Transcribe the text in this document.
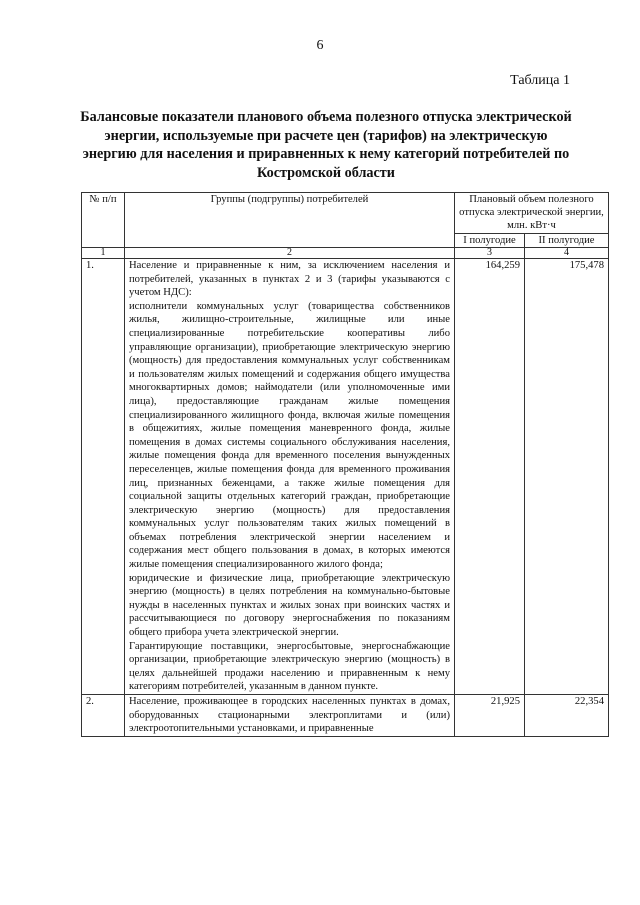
6
Таблица 1
Балансовые показатели планового объема полезного отпуска электрической энергии, используемые при расчете цен (тарифов) на электрическую энергию для населения и приравненных к нему категорий потребителей по Костромской области
№ п/п	Группы (подгруппы) потребителей	Плановый объем полезного отпуска электрической энергии, млн. кВт·ч	
		I полугодие	II полугодие
1	2	3	4
1.	Население и приравненные к ним, за исключением населения и потребителей, указанных в пунктах 2 и 3 (тарифы указываются с учетом НДС):

исполнители коммунальных услуг (товарищества собственников жилья, жилищно-строительные, жилищные или иные специализированные потребительские кооперативы либо управляющие организации), приобретающие электрическую энергию (мощность) для предоставления коммунальных услуг собственникам и пользователям жилых помещений и содержания общего имущества многоквартирных домов; наймодатели (или уполномоченные ими лица), предоставляющие гражданам жилые помещения специализированного жилищного фонда, включая жилые помещения в общежитиях, жилые помещения маневренного фонда, жилые помещения в домах системы социального обслуживания населения, жилые помещения фонда для временного поселения вынужденных переселенцев, жилые помещения фонда для временного проживания лиц, признанных беженцами, а также жилые помещения для социальной защиты отдельных категорий граждан, приобретающие электрическую энергию (мощность) для предоставления коммунальных услуг пользователям таких жилых помещений в объемах потребления электрической энергии населением и содержания мест общего пользования в домах, в которых имеются жилые помещения специализированного жилого фонда;

юридические и физические лица, приобретающие электрическую энергию (мощность) в целях потребления на коммунально-бытовые нужды в населенных пунктах и жилых зонах при воинских частях и рассчитывающиеся по договору энергоснабжения по показаниям общего прибора учета электрической энергии.

Гарантирующие поставщики, энергосбытовые, энергоснабжающие организации, приобретающие электрическую энергию (мощность) в целях дальнейшей продажи населению и приравненным к нему категориям потребителей, указанным в данном пункте.	164,259	175,478
2.	Население, проживающее в городских населенных пунктах в домах, оборудованных стационарными электроплитами и (или) электроотопительными установками, и приравненные	21,925	22,354
